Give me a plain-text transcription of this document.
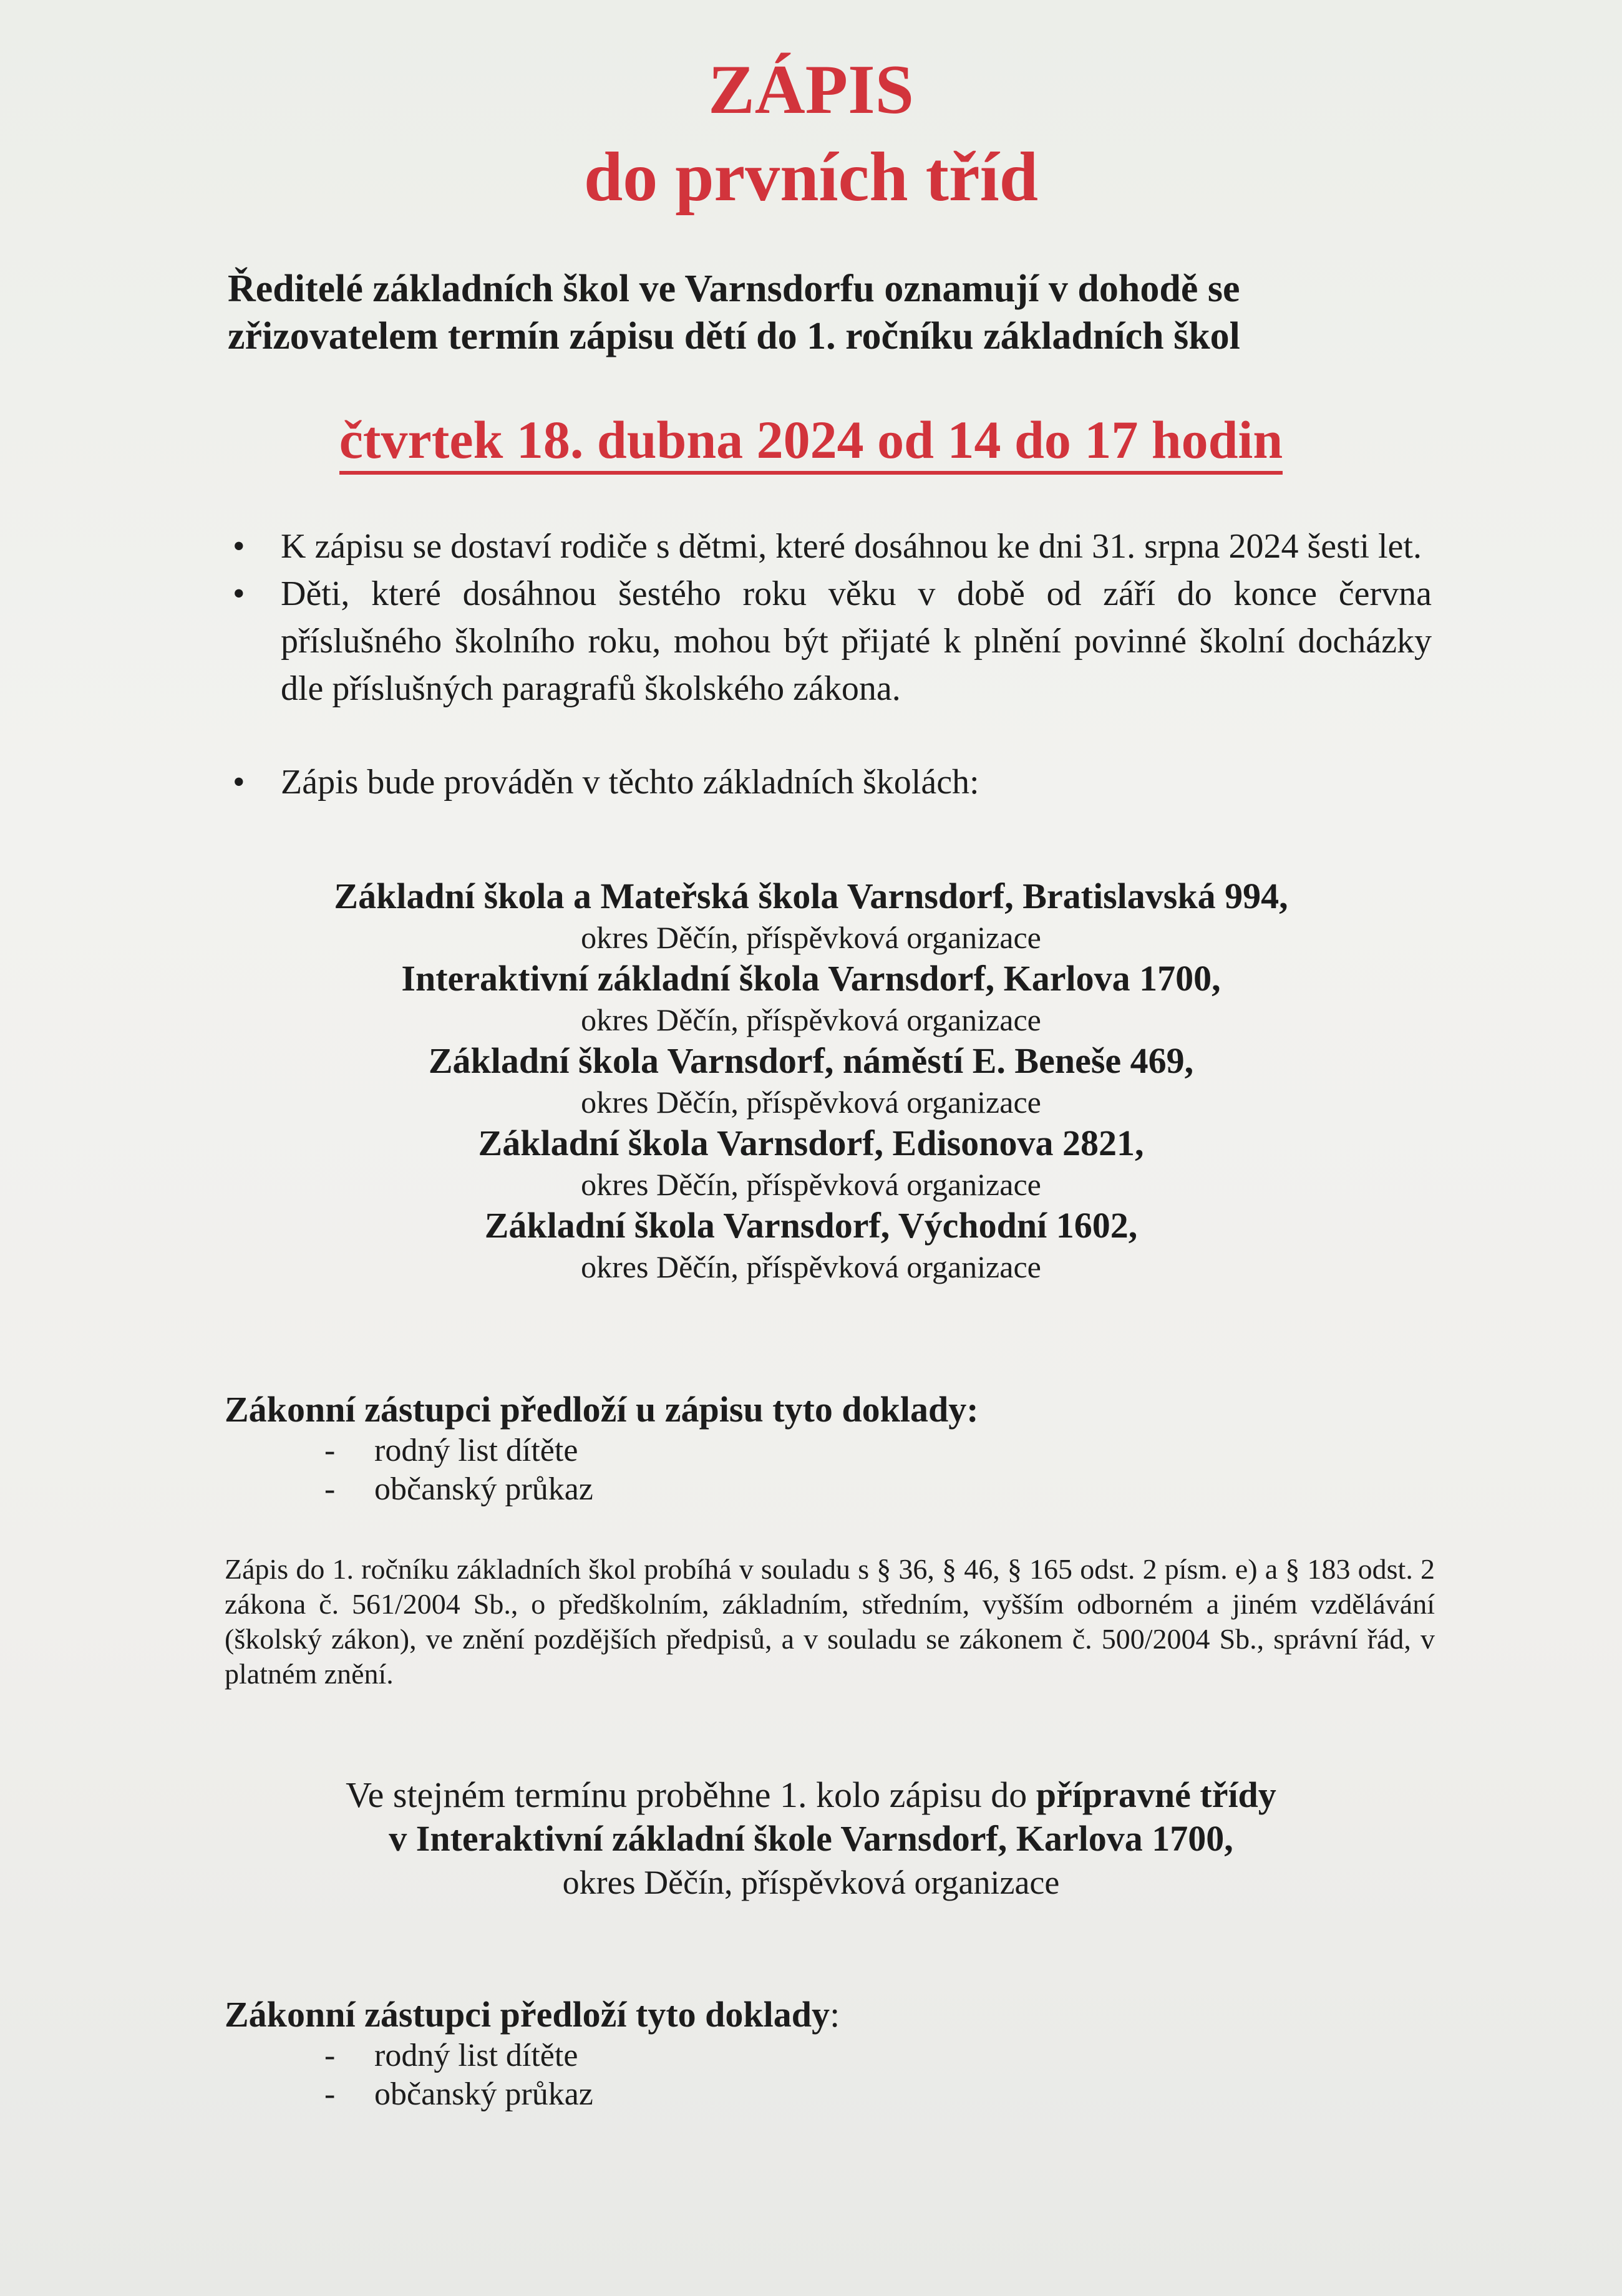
ZÁPIS
do prvních tříd
Ředitelé základních škol ve Varnsdorfu oznamují v dohodě se zřizovatelem termín zápisu dětí do 1. ročníku základních škol
čtvrtek 18. dubna 2024 od 14 do 17 hodin
• K zápisu se dostaví rodiče s dětmi, které dosáhnou ke dni 31. srpna 2024 šesti let.
• Děti, které dosáhnou šestého roku věku v době od září do konce června příslušného školního roku, mohou být přijaté k plnění povinné školní docházky dle příslušných paragrafů školského zákona.
• Zápis bude prováděn v těchto základních školách:
Základní škola a Mateřská škola Varnsdorf, Bratislavská 994,
okres Děčín, příspěvková organizace
Interaktivní základní škola Varnsdorf, Karlova 1700,
okres Děčín, příspěvková organizace
Základní škola Varnsdorf, náměstí E. Beneše 469,
okres Děčín, příspěvková organizace
Základní škola Varnsdorf, Edisonova 2821,
okres Děčín, příspěvková organizace
Základní škola Varnsdorf, Východní 1602,
okres Děčín, příspěvková organizace
Zákonní zástupci předloží u zápisu tyto doklady:
- rodný list dítěte
- občanský průkaz
Zápis do 1. ročníku základních škol probíhá v souladu s § 36, § 46, § 165 odst. 2 písm. e) a § 183 odst. 2 zákona č. 561/2004 Sb., o předškolním, základním, středním, vyšším odborném a jiném vzdělávání (školský zákon), ve znění pozdějších předpisů, a v souladu se zákonem č. 500/2004 Sb., správní řád, v platném znění.
Ve stejném termínu proběhne 1. kolo zápisu do přípravné třídy
v Interaktivní základní škole Varnsdorf, Karlova 1700,
okres Děčín, příspěvková organizace
Zákonní zástupci předloží tyto doklady:
- rodný list dítěte
- občanský průkaz
